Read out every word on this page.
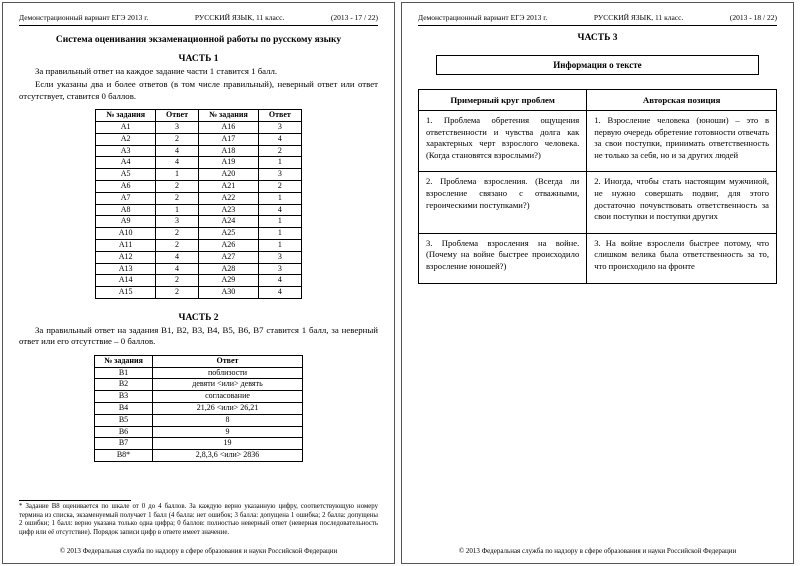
Демонстрационный вариант ЕГЭ 2013 г.	РУССКИЙ ЯЗЫК, 11 класс.	(2013 - 17 / 22)
Система оценивания экзаменационной работы по русскому языку
ЧАСТЬ 1

За правильный ответ на каждое задание части 1 ставится 1 балл.

Если указаны два и более ответов (в том числе правильный), неверный ответ или ответ отсутствует, ставится 0 баллов.

№ задания	Ответ	№ задания	Ответ
А1	3	А16	3
А2	2	А17	4
А3	4	А18	2
А4	4	А19	1
А5	1	А20	3
А6	2	А21	2
А7	2	А22	1
А8	1	А23	4
А9	3	А24	1
А10	2	А25	1
А11	2	А26	1
А12	4	А27	3
А13	4	А28	3
А14	2	А29	4
А15	2	А30	4
ЧАСТЬ 2

За правильный ответ на задания В1, В2, В3, В4, В5, В6, В7 ставится 1 балл, за неверный ответ или его отсутствие – 0 баллов.

№ задания	Ответ
В1	поблизости
В2	девяти <или> девять
В3	согласование
В4	21,26 <или> 26,21
В5	8
В6	9
В7	19
В8*	2,8,3,6 <или> 2836

* Задание В8 оценивается по шкале от 0 до 4 баллов. За каждую верно указанную цифру, соответствующую номеру термина из списка, экзаменуемый получает 1 балл (4 балла: нет ошибок; 3 балла: допущена 1 ошибка; 2 балла: допущены 2 ошибки; 1 балл: верно указана только одна цифра; 0 баллов: полностью неверный ответ (неверная последовательность цифр или её отсутствие). Порядок записи цифр в ответе имеет значение.

© 2013 Федеральная служба по надзору в сфере образования и науки Российской Федерации
Демонстрационный вариант ЕГЭ 2013 г.	РУССКИЙ ЯЗЫК, 11 класс.	(2013 - 18 / 22)
ЧАСТЬ 3
Информация о тексте
Примерный круг проблем	Авторская позиция
1. Проблема обретения ощущения ответственности и чувства долга как характерных черт взрослого человека. (Когда становятся взрослыми?)	1. Взросление человека (юноши) – это в первую очередь обретение готовности отвечать за свои поступки, принимать ответственность не только за себя, но и за других людей
2. Проблема взросления. (Всегда ли взросление связано с отважными, героическими поступками?)	2. Иногда, чтобы стать настоящим мужчиной, не нужно совершать подвиг, для этого достаточно почувствовать ответственность за свои поступки и поступки других
3. Проблема взросления на войне. (Почему на войне быстрее происходило взросление юношей?)	3. На войне взрослели быстрее потому, что слишком велика была ответственность за то, что происходило на фронте
© 2013 Федеральная служба по надзору в сфере образования и науки Российской Федерации
